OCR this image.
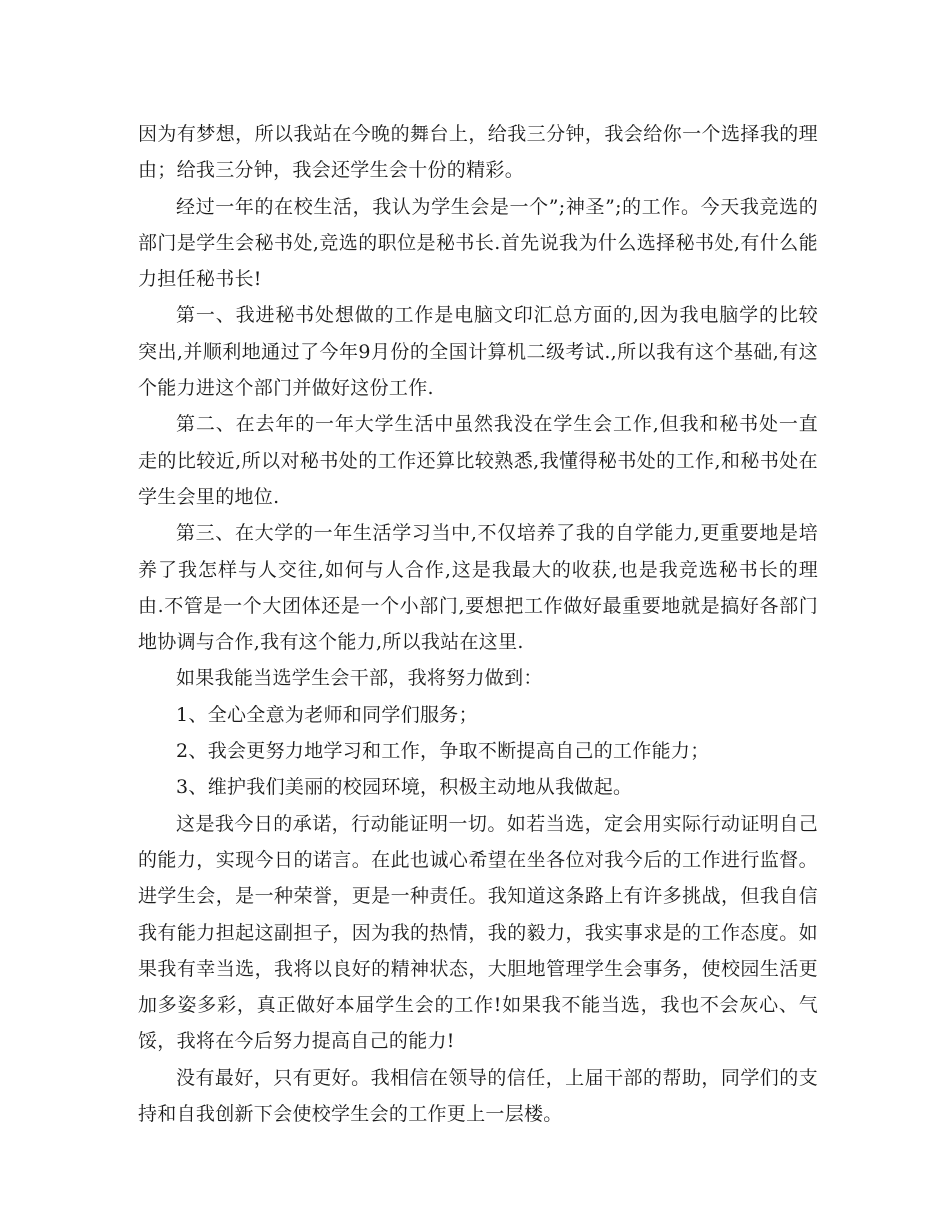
因为有梦想，所以我站在今晚的舞台上，给我三分钟，我会给你一个选择我的理由；给我三分钟，我会还学生会十份的精彩。

经过一年的在校生活，我认为学生会是一个”;神圣”;的工作。今天我竞选的部门是学生会秘书处,竞选的职位是秘书长.首先说我为什么选择秘书处,有什么能力担任秘书长!

第一、我进秘书处想做的工作是电脑文印汇总方面的,因为我电脑学的比较突出,并顺利地通过了今年9月份的全国计算机二级考试.,所以我有这个基础,有这个能力进这个部门并做好这份工作.

第二、在去年的一年大学生活中虽然我没在学生会工作,但我和秘书处一直走的比较近,所以对秘书处的工作还算比较熟悉,我懂得秘书处的工作,和秘书处在学生会里的地位.

第三、在大学的一年生活学习当中,不仅培养了我的自学能力,更重要地是培养了我怎样与人交往,如何与人合作,这是我最大的收获,也是我竞选秘书长的理由.不管是一个大团体还是一个小部门,要想把工作做好最重要地就是搞好各部门地协调与合作,我有这个能力,所以我站在这里.

如果我能当选学生会干部，我将努力做到：

1、全心全意为老师和同学们服务；

2、我会更努力地学习和工作，争取不断提高自己的工作能力；

3、维护我们美丽的校园环境，积极主动地从我做起。

这是我今日的承诺，行动能证明一切。如若当选，定会用实际行动证明自己的能力，实现今日的诺言。在此也诚心希望在坐各位对我今后的工作进行监督。进学生会，是一种荣誉，更是一种责任。我知道这条路上有许多挑战，但我自信我有能力担起这副担子，因为我的热情，我的毅力，我实事求是的工作态度。如果我有幸当选，我将以良好的精神状态，大胆地管理学生会事务，使校园生活更加多姿多彩，真正做好本届学生会的工作!如果我不能当选，我也不会灰心、气馁，我将在今后努力提高自己的能力!

没有最好，只有更好。我相信在领导的信任，上届干部的帮助，同学们的支持和自我创新下会使校学生会的工作更上一层楼。
